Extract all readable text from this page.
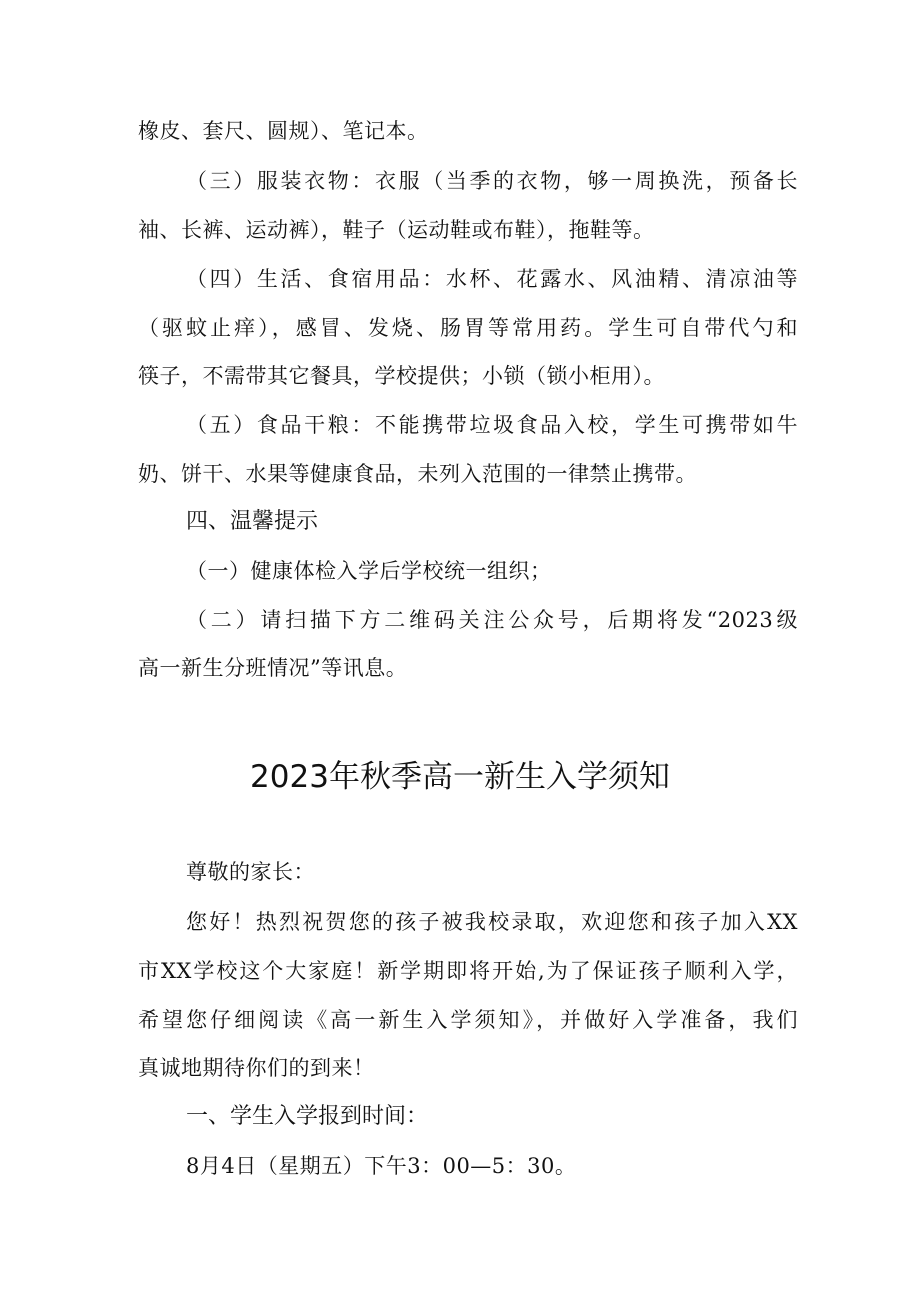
橡皮、套尺、圆规）、笔记本。
（三）服装衣物：衣服（当季的衣物，够一周换洗，预备长
袖、长裤、运动裤），鞋子（运动鞋或布鞋），拖鞋等。
（四）生活、食宿用品：水杯、花露水、风油精、清凉油等
（驱蚊止痒），感冒、发烧、肠胃等常用药。学生可自带代勺和
筷子，不需带其它餐具，学校提供；小锁（锁小柜用）。
（五）食品干粮：不能携带垃圾食品入校，学生可携带如牛
奶、饼干、水果等健康食品，未列入范围的一律禁止携带。
四、温馨提示
（一）健康体检入学后学校统一组织；
（二）请扫描下方二维码关注公众号，后期将发“2023级
高一新生分班情况”等讯息。
2023年秋季高一新生入学须知
尊敬的家长：
您好！热烈祝贺您的孩子被我校录取，欢迎您和孩子加入XX
市XX学校这个大家庭！新学期即将开始,为了保证孩子顺利入学，
希望您仔细阅读《高一新生入学须知》，并做好入学准备，我们
真诚地期待你们的到来！
一、学生入学报到时间：
8月4日（星期五）下午3：00—5：30。
